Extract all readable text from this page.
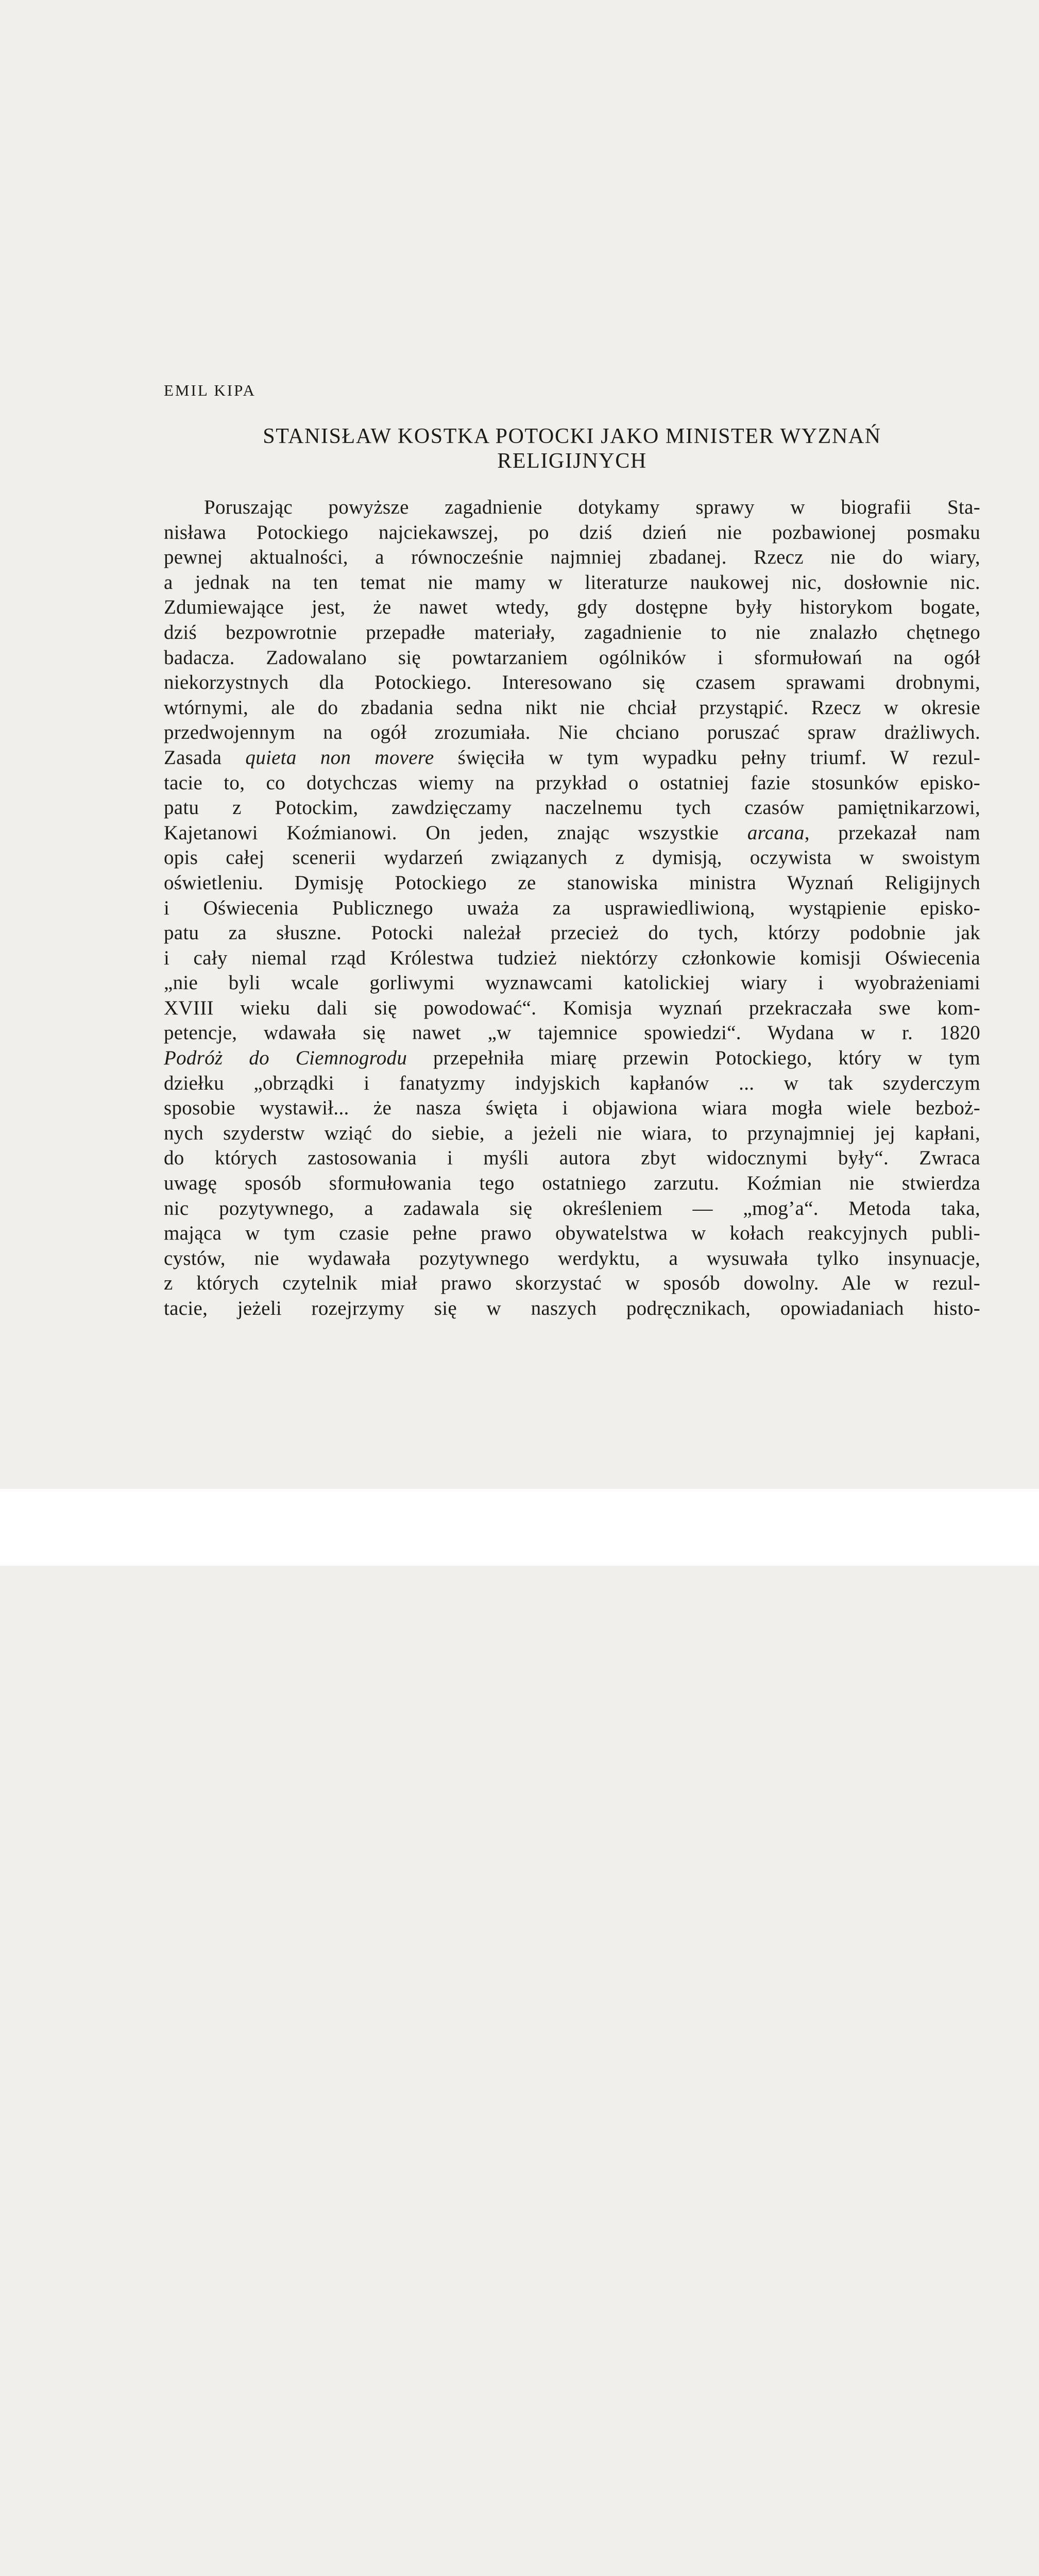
EMIL KIPA
STANISŁAW KOSTKA POTOCKI JAKO MINISTER WYZNAŃ
RELIGIJNYCH
Poruszając powyższe zagadnienie dotykamy sprawy w biografii Sta-
nisława Potockiego najciekawszej, po dziś dzień nie pozbawionej posmaku
pewnej aktualności, a równocześnie najmniej zbadanej. Rzecz nie do wiary,
a jednak na ten temat nie mamy w literaturze naukowej nic, dosłownie nic.
Zdumiewające jest, że nawet wtedy, gdy dostępne były historykom bogate,
dziś bezpowrotnie przepadłe materiały, zagadnienie to nie znalazło chętnego
badacza. Zadowalano się powtarzaniem ogólników i sformułowań na ogół
niekorzystnych dla Potockiego. Interesowano się czasem sprawami drobnymi,
wtórnymi, ale do zbadania sedna nikt nie chciał przystąpić. Rzecz w okresie
przedwojennym na ogół zrozumiała. Nie chciano poruszać spraw drażliwych.
Zasada quieta non movere święciła w tym wypadku pełny triumf. W rezul-
tacie to, co dotychczas wiemy na przykład o ostatniej fazie stosunków episko-
patu z Potockim, zawdzięczamy naczelnemu tych czasów pamiętnikarzowi,
Kajetanowi Koźmianowi. On jeden, znając wszystkie arcana, przekazał nam
opis całej scenerii wydarzeń związanych z dymisją, oczywista w swoistym
oświetleniu. Dymisję Potockiego ze stanowiska ministra Wyznań Religijnych
i Oświecenia Publicznego uważa za usprawiedliwioną, wystąpienie episko-
patu za słuszne. Potocki należał przecież do tych, którzy podobnie jak
i cały niemal rząd Królestwa tudzież niektórzy członkowie komisji Oświecenia
„nie byli wcale gorliwymi wyznawcami katolickiej wiary i wyobrażeniami
XVIII wieku dali się powodować“. Komisja wyznań przekraczała swe kom-
petencje, wdawała się nawet „w tajemnice spowiedzi“. Wydana w r. 1820
Podróż do Ciemnogrodu przepełniła miarę przewin Potockiego, który w tym
dziełku „obrządki i fanatyzmy indyjskich kapłanów ... w tak szyderczym
sposobie wystawił... że nasza święta i objawiona wiara mogła wiele bezboż-
nych szyderstw wziąć do siebie, a jeżeli nie wiara, to przynajmniej jej kapłani,
do których zastosowania i myśli autora zbyt widocznymi były“. Zwraca
uwagę sposób sformułowania tego ostatniego zarzutu. Koźmian nie stwierdza
nic pozytywnego, a zadawala się określeniem — „mog’a“. Metoda taka,
mająca w tym czasie pełne prawo obywatelstwa w kołach reakcyjnych publi-
cystów, nie wydawała pozytywnego werdyktu, a wysuwała tylko insynuacje,
z których czytelnik miał prawo skorzystać w sposób dowolny. Ale w rezul-
tacie, jeżeli rozejrzymy się w naszych podręcznikach, opowiadaniach histo-
